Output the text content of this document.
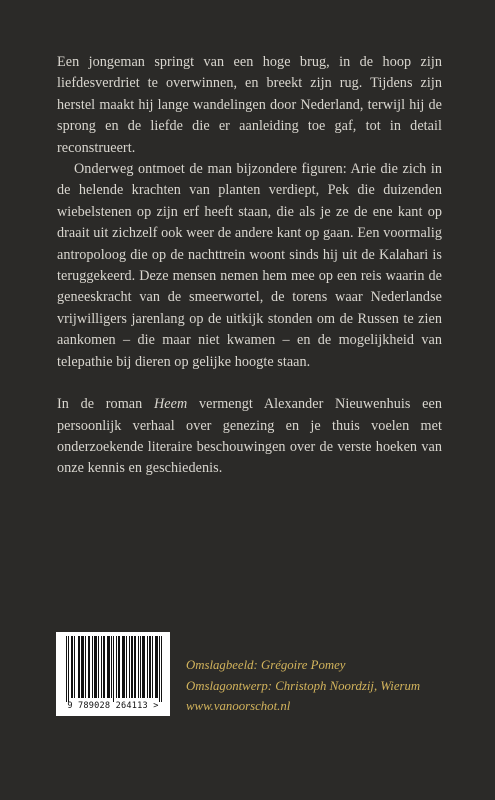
Een jongeman springt van een hoge brug, in de hoop zijn liefdesverdriet te overwinnen, en breekt zijn rug. Tijdens zijn herstel maakt hij lange wandelingen door Nederland, terwijl hij de sprong en de liefde die er aanleiding toe gaf, tot in detail reconstrueert.

Onderweg ontmoet de man bijzondere figuren: Arie die zich in de helende krachten van planten verdiept, Pek die duizenden wiebelstenen op zijn erf heeft staan, die als je ze de ene kant op draait uit zichzelf ook weer de andere kant op gaan. Een voormalig antropoloog die op de nachttrein woont sinds hij uit de Kalahari is teruggekeerd. Deze mensen nemen hem mee op een reis waarin de geneeskracht van de smeerwortel, de torens waar Nederlandse vrijwilligers jarenlang op de uitkijk stonden om de Russen te zien aankomen – die maar niet kwamen – en de mogelijkheid van telepathie bij dieren op gelijke hoogte staan.

In de roman Heem vermengt Alexander Nieuwenhuis een persoonlijk verhaal over genezing en je thuis voelen met onderzoekende literaire beschouwingen over de verste hoeken van onze kennis en geschiedenis.

9 789028 264113 >
Omslagbeeld: Grégoire Pomey
Omslagontwerp: Christoph Noordzij, Wierum
www.vanoorschot.nl
